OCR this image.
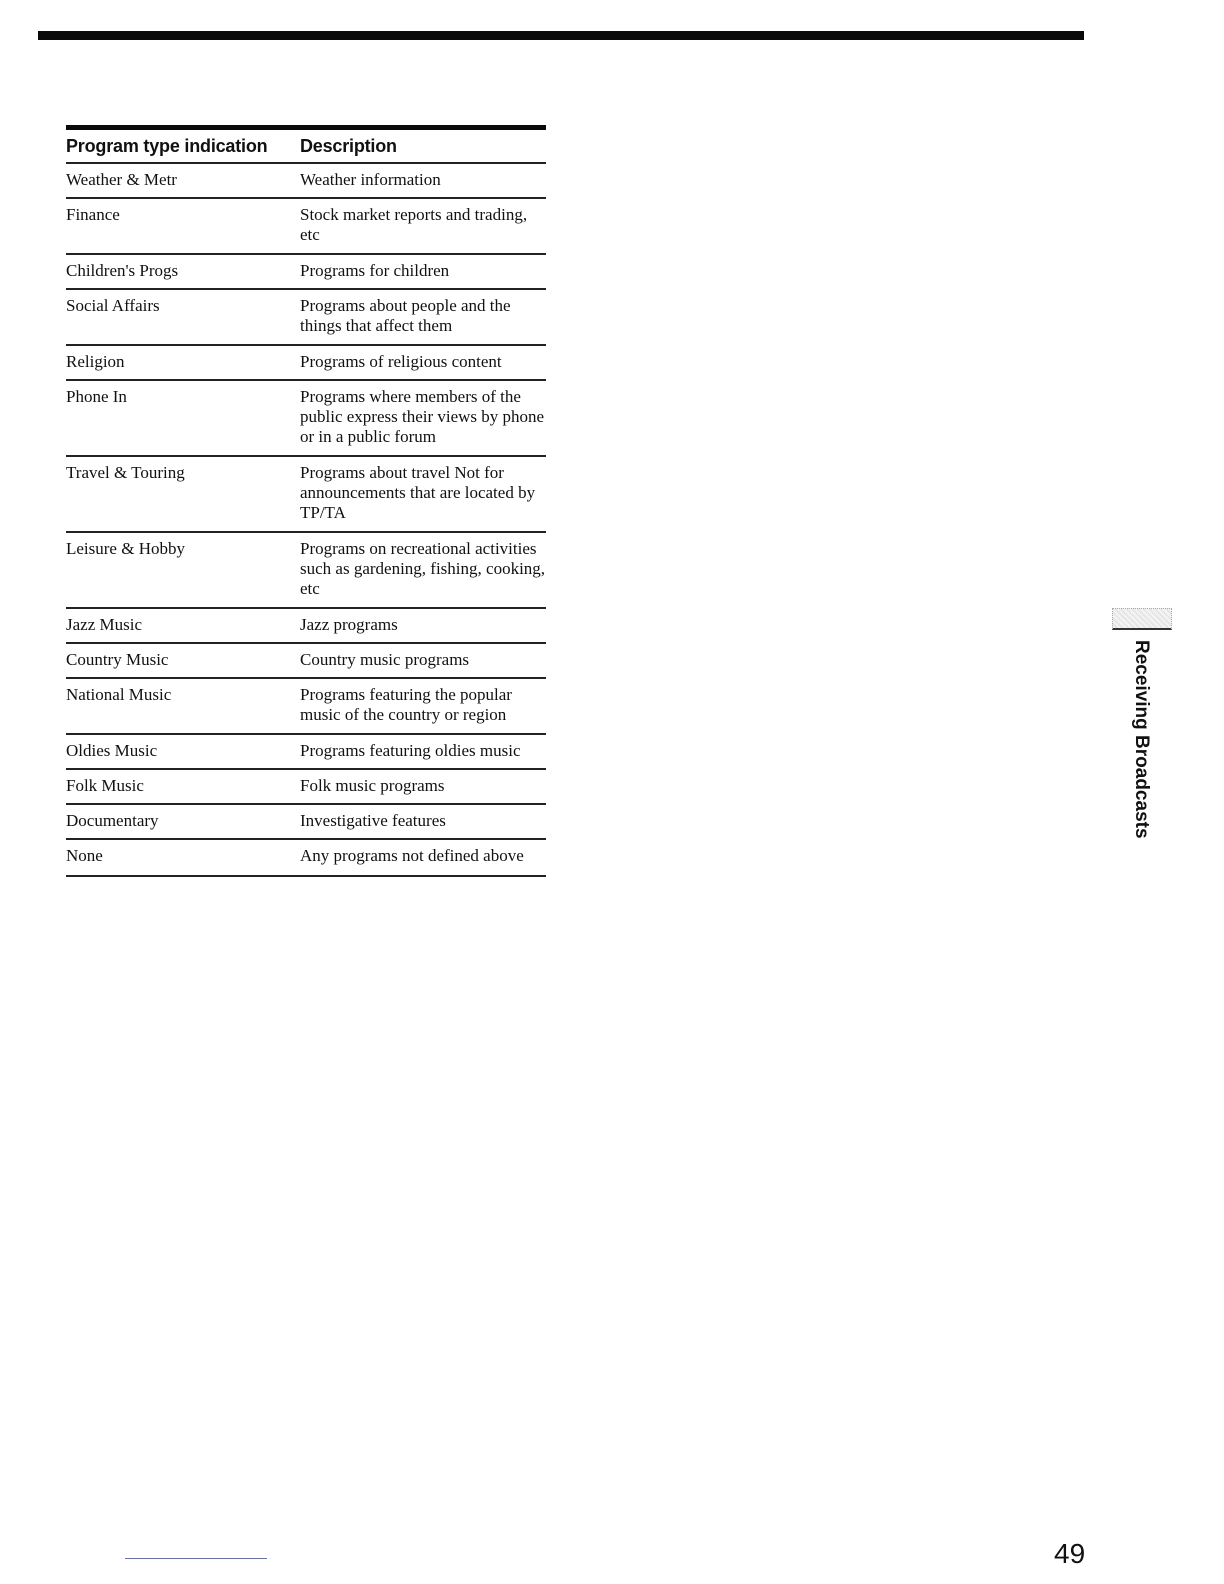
Program type indication	Description
Weather & Metr	Weather information
Finance	Stock market reports and trading, etc
Children's Progs	Programs for children
Social Affairs	Programs about people and the things that affect them
Religion	Programs of religious content
Phone In	Programs where members of the public express their views by phone or in a public forum
Travel & Touring	Programs about travel Not for announcements that are located by TP/TA
Leisure & Hobby	Programs on recreational activities such as gardening, fishing, cooking, etc
Jazz Music	Jazz programs
Country Music	Country music programs
National Music	Programs featuring the popular music of the country or region
Oldies Music	Programs featuring oldies music
Folk Music	Folk music programs
Documentary	Investigative features
None	Any programs not defined above
Receiving Broadcasts
49
